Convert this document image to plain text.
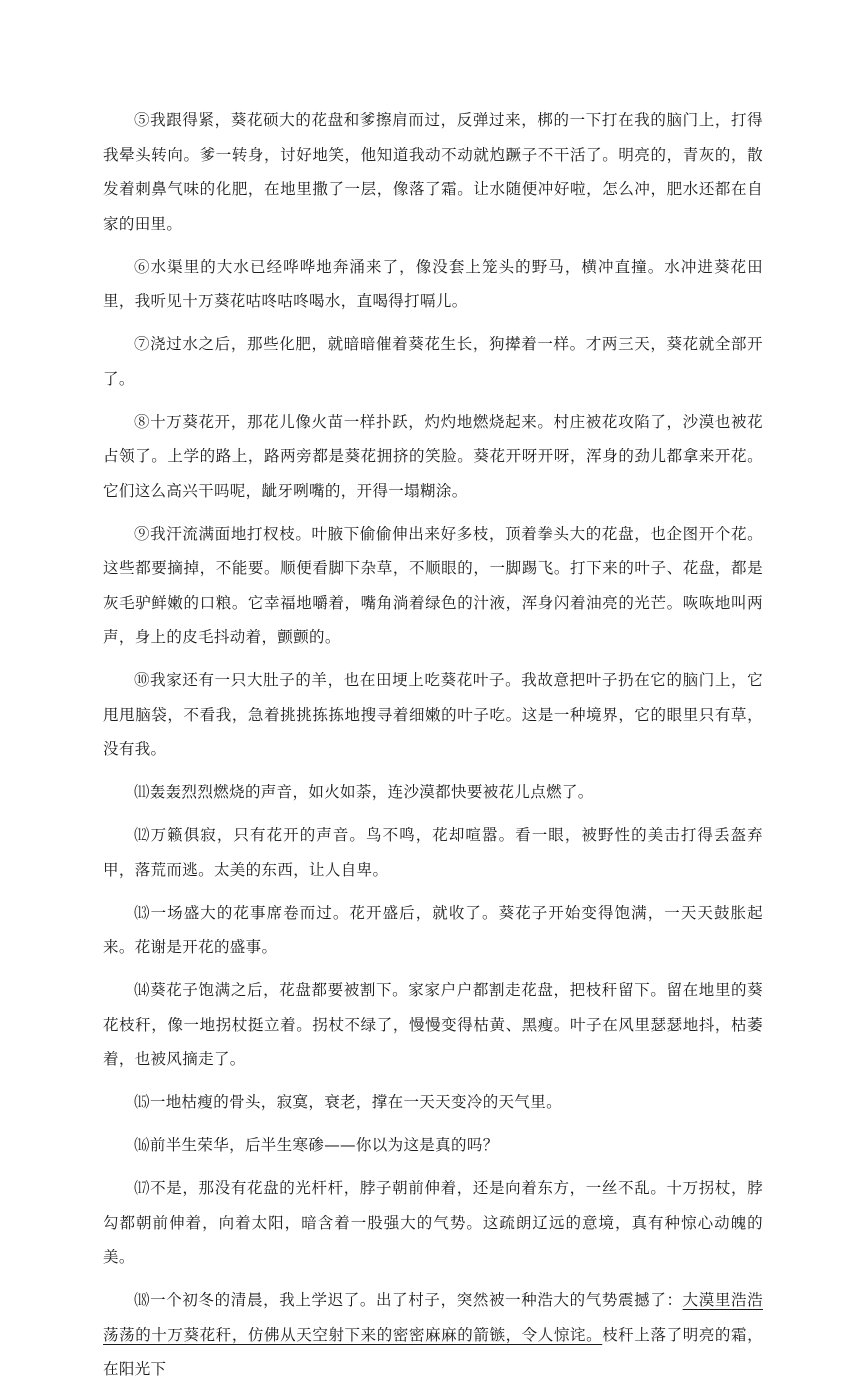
⑤我跟得紧，葵花硕大的花盘和爹擦肩而过，反弹过来，梆的一下打在我的脑门上，打得我晕头转向。爹一转身，讨好地笑，他知道我动不动就尥蹶子不干活了。明亮的，青灰的，散发着刺鼻气味的化肥，在地里撒了一层，像落了霜。让水随便冲好啦，怎么冲，肥水还都在自家的田里。

⑥水渠里的大水已经哗哗地奔涌来了，像没套上笼头的野马，横冲直撞。水冲进葵花田里，我听见十万葵花咕咚咕咚喝水，直喝得打嗝儿。

⑦浇过水之后，那些化肥，就暗暗催着葵花生长，狗撵着一样。才两三天，葵花就全部开了。

⑧十万葵花开，那花儿像火苗一样扑跃，灼灼地燃烧起来。村庄被花攻陷了，沙漠也被花占领了。上学的路上，路两旁都是葵花拥挤的笑脸。葵花开呀开呀，浑身的劲儿都拿来开花。它们这么高兴干吗呢，龇牙咧嘴的，开得一塌糊涂。

⑨我汗流满面地打杈枝。叶腋下偷偷伸出来好多枝，顶着拳头大的花盘，也企图开个花。这些都要摘掉，不能要。顺便看脚下杂草，不顺眼的，一脚踢飞。打下来的叶子、花盘，都是灰毛驴鲜嫩的口粮。它幸福地嚼着，嘴角淌着绿色的汁液，浑身闪着油亮的光芒。咴咴地叫两声，身上的皮毛抖动着，颤颤的。

⑩我家还有一只大肚子的羊，也在田埂上吃葵花叶子。我故意把叶子扔在它的脑门上，它甩甩脑袋，不看我，急着挑挑拣拣地搜寻着细嫩的叶子吃。这是一种境界，它的眼里只有草，没有我。

⑾轰轰烈烈燃烧的声音，如火如荼，连沙漠都快要被花儿点燃了。

⑿万籁俱寂，只有花开的声音。鸟不鸣，花却喧嚣。看一眼，被野性的美击打得丢盔弃甲，落荒而逃。太美的东西，让人自卑。

⒀一场盛大的花事席卷而过。花开盛后，就收了。葵花子开始变得饱满，一天天鼓胀起来。花谢是开花的盛事。

⒁葵花子饱满之后，花盘都要被割下。家家户户都割走花盘，把枝秆留下。留在地里的葵花枝秆，像一地拐杖挺立着。拐杖不绿了，慢慢变得枯黄、黑瘦。叶子在风里瑟瑟地抖，枯萎着，也被风摘走了。

⒂一地枯瘦的骨头，寂寞，衰老，撑在一天天变冷的天气里。

⒃前半生荣华，后半生寒碜——你以为这是真的吗？

⒄不是，那没有花盘的光杆杆，脖子朝前伸着，还是向着东方，一丝不乱。十万拐杖，脖勾都朝前伸着，向着太阳，暗含着一股强大的气势。这疏朗辽远的意境，真有种惊心动魄的美。

⒅一个初冬的清晨，我上学迟了。出了村子，突然被一种浩大的气势震撼了：大漠里浩浩荡荡的十万葵花秆，仿佛从天空射下来的密密麻麻的箭镞，令人惊诧。枝秆上落了明亮的霜，在阳光下
